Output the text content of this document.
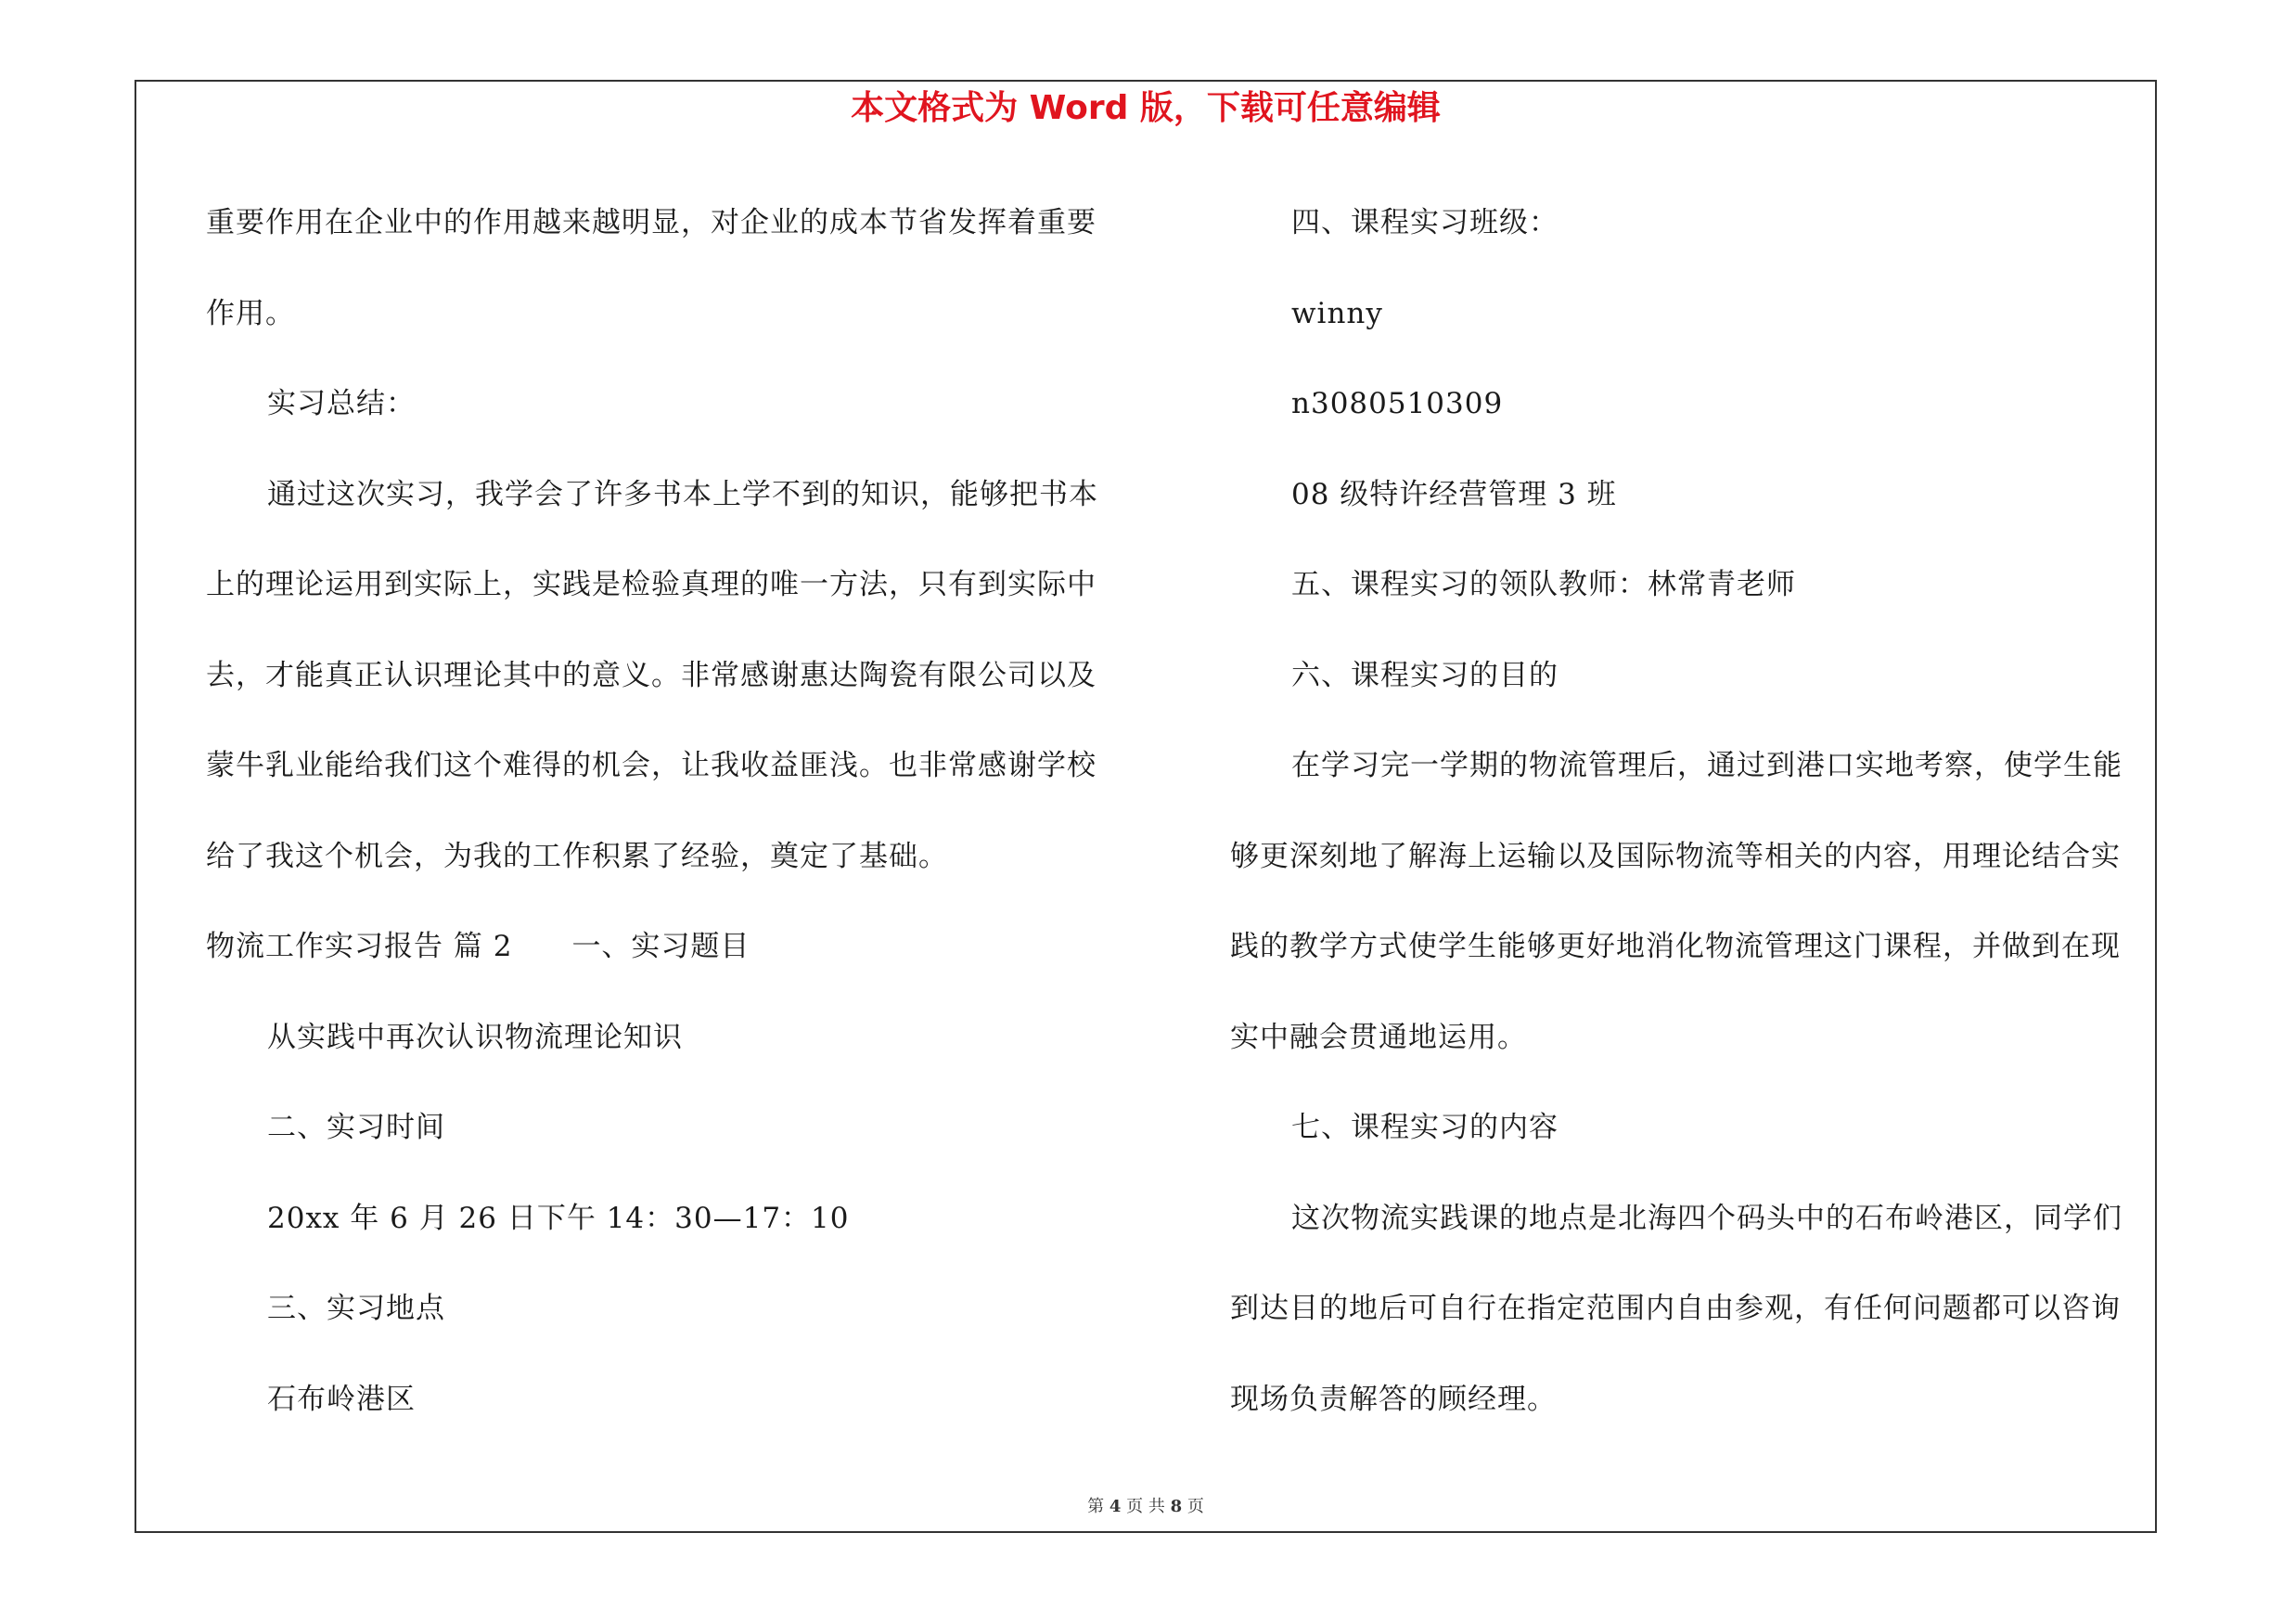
本文格式为 Word 版，下载可任意编辑

重要作用在企业中的作用越来越明显，对企业的成本节省发挥着重要作用。

实习总结：

通过这次实习，我学会了许多书本上学不到的知识，能够把书本上的理论运用到实际上，实践是检验真理的唯一方法，只有到实际中去，才能真正认识理论其中的意义。非常感谢惠达陶瓷有限公司以及蒙牛乳业能给我们这个难得的机会，让我收益匪浅。也非常感谢学校给了我这个机会，为我的工作积累了经验，奠定了基础。

物流工作实习报告 篇 2 一、实习题目

从实践中再次认识物流理论知识

二、实习时间

20xx 年 6 月 26 日下午 14：30—17：10

三、实习地点

石布岭港区

四、课程实习班级：

winny

n3080510309

08 级特许经营管理 3 班

五、课程实习的领队教师：林常青老师

六、课程实习的目的

在学习完一学期的物流管理后，通过到港口实地考察，使学生能够更深刻地了解海上运输以及国际物流等相关的内容，用理论结合实践的教学方式使学生能够更好地消化物流管理这门课程，并做到在现实中融会贯通地运用。

七、课程实习的内容

这次物流实践课的地点是北海四个码头中的石布岭港区，同学们到达目的地后可自行在指定范围内自由参观，有任何问题都可以咨询现场负责解答的顾经理。

第 4 页 共 8 页
